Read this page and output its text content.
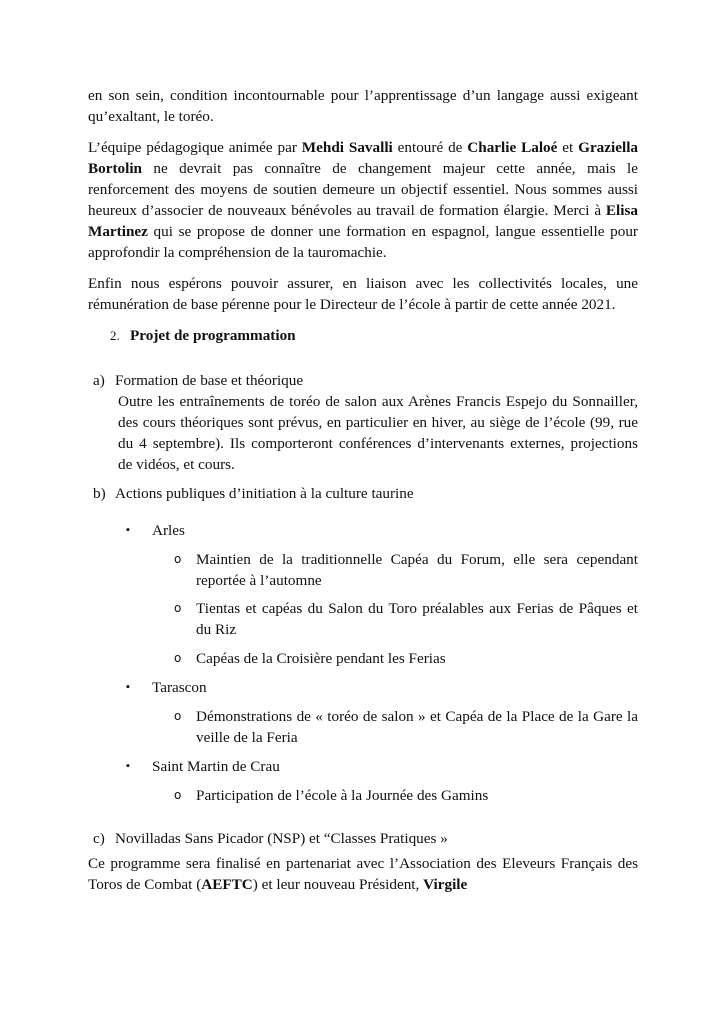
en son sein, condition incontournable pour l’apprentissage d’un langage aussi exigeant qu’exaltant, le toréo.

L’équipe pédagogique animée par Mehdi Savalli entouré de Charlie Laloé et Graziella Bortolin ne devrait pas connaître de changement majeur cette année, mais le renforcement des moyens de soutien demeure un objectif essentiel. Nous sommes aussi heureux d’associer de nouveaux bénévoles au travail de formation élargie. Merci à Elisa Martinez qui se propose de donner une formation en espagnol, langue essentielle pour approfondir la compréhension de la tauromachie.

Enfin nous espérons pouvoir assurer, en liaison avec les collectivités locales, une rémunération de base pérenne pour le Directeur de l’école à partir de cette année 2021.

2. Projet de programmation
a) Formation de base et théorique

Outre les entraînements de toréo de salon aux Arènes Francis Espejo du Sonnailler, des cours théoriques sont prévus, en particulier en hiver, au siège de l’école (99, rue du 4 septembre). Ils comporteront conférences d’intervenants externes, projections de vidéos, et cours.

b) Actions publiques d’initiation à la culture taurine
▪	Arles
o Maintien de la traditionnelle Capéa du Forum, elle sera cependant reportée à l’automne
o Tientas et capéas du Salon du Toro préalables aux Ferias de Pâques et du Riz
o Capéas de la Croisière pendant les Ferias
▪	Tarascon
o Démonstrations de « toréo de salon » et Capéa de la Place de la Gare la veille de la Feria
▪	Saint Martin de Crau
o Participation de l’école à la Journée des Gamins
c) Novilladas Sans Picador (NSP) et “Classes Pratiques »

Ce programme sera finalisé en partenariat avec l’Association des Eleveurs Français des Toros de Combat (AEFTC) et leur nouveau Président, Virgile
